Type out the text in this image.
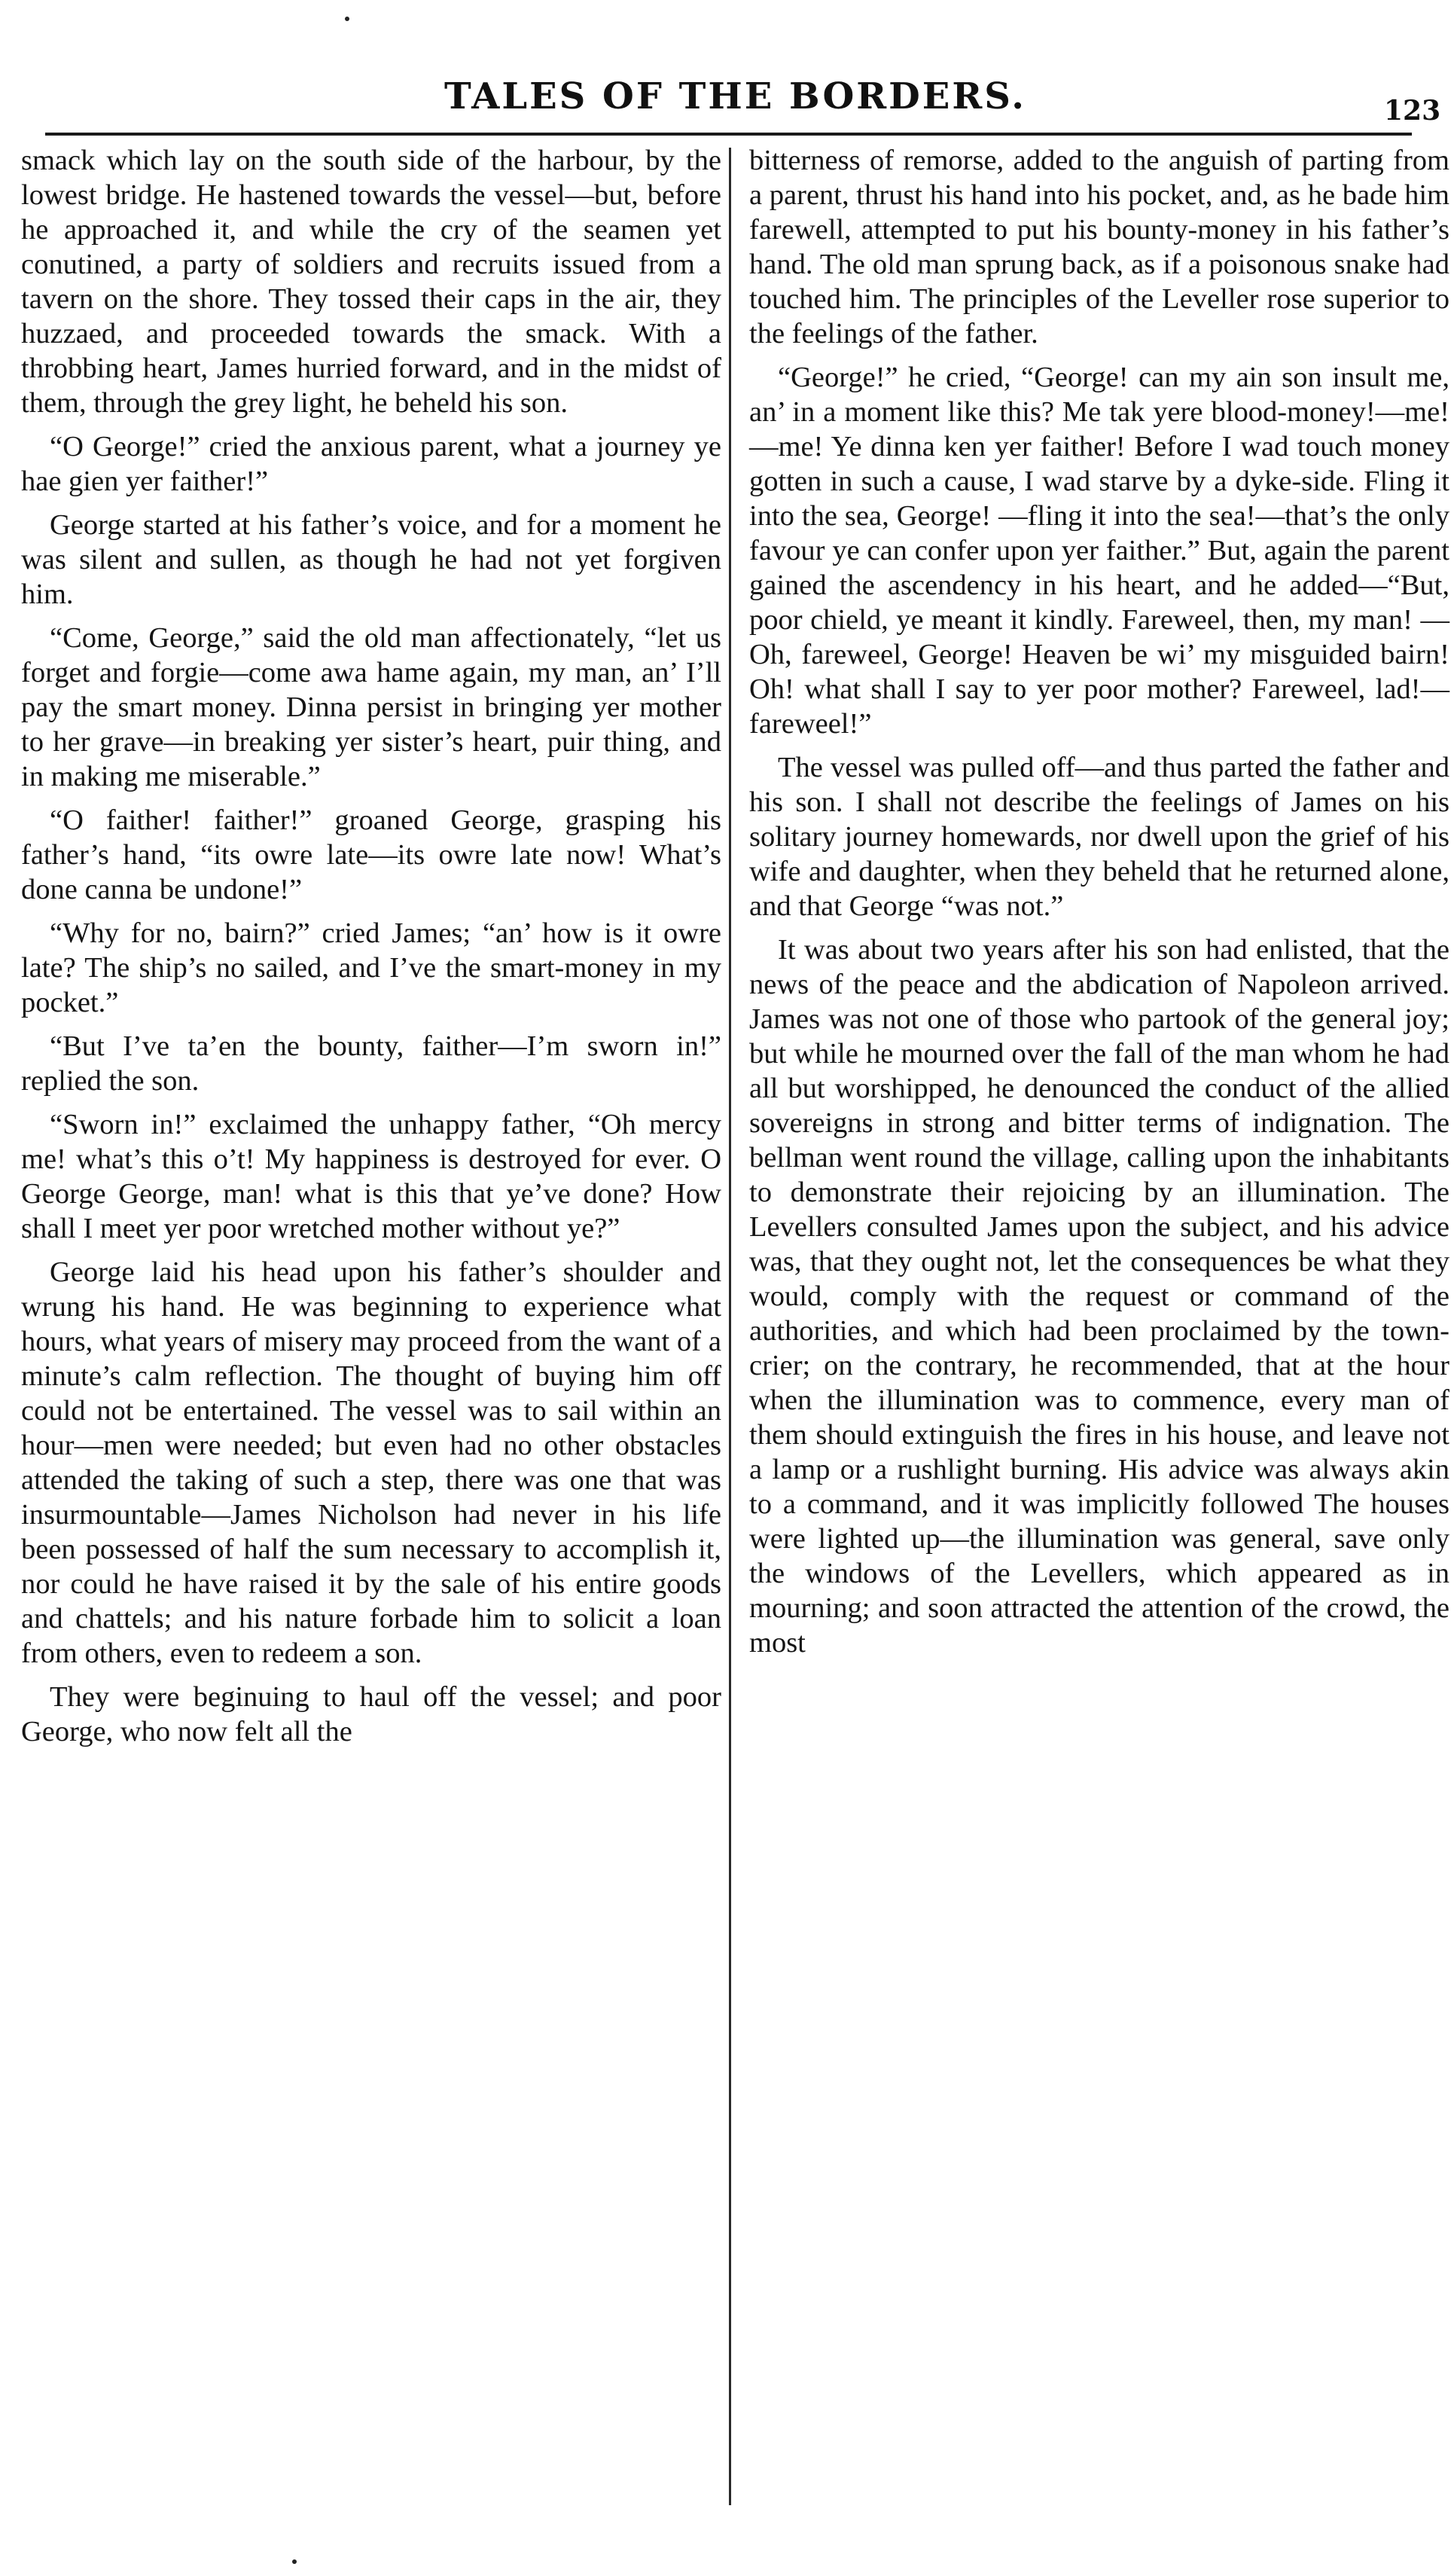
TALES OF THE BORDERS.	123

smack which lay on the south side of the harbour, by the lowest bridge. He hastened towards the vessel—but, before he approached it, and while the cry of the seamen yet conutined, a party of soldiers and recruits issued from a tavern on the shore. They tossed their caps in the air, they huzzaed, and proceeded towards the smack. With a throbbing heart, James hurried forward, and in the midst of them, through the grey light, he beheld his son.

“O George!” cried the anxious parent, what a journey ye hae gien yer faither!”

George started at his father’s voice, and for a moment he was silent and sullen, as though he had not yet forgiven him.

“Come, George,” said the old man affectionately, “let us forget and forgie—come awa hame again, my man, an’ I’ll pay the smart money. Dinna persist in bringing yer mother to her grave—in breaking yer sister’s heart, puir thing, and in making me miserable.”

“O faither! faither!” groaned George, grasping his father’s hand, “its owre late—its owre late now! What’s done canna be undone!”

“Why for no, bairn?” cried James; “an’ how is it owre late? The ship’s no sailed, and I’ve the smart-money in my pocket.”

“But I’ve ta’en the bounty, faither—I’m sworn in!” replied the son.

“Sworn in!” exclaimed the unhappy father, “Oh mercy me! what’s this o’t! My happiness is destroyed for ever. O George George, man! what is this that ye’ve done? How shall I meet yer poor wretched mother without ye?”

George laid his head upon his father’s shoulder and wrung his hand. He was beginning to experience what hours, what years of misery may proceed from the want of a minute’s calm reflection. The thought of buying him off could not be entertained. The vessel was to sail within an hour—men were needed; but even had no other obstacles attended the taking of such a step, there was one that was insurmountable—James Nicholson had never in his life been possessed of half the sum necessary to accomplish it, nor could he have raised it by the sale of his entire goods and chattels; and his nature forbade him to solicit a loan from others, even to redeem a son.

They were beginuing to haul off the vessel; and poor George, who now felt all the

bitterness of remorse, added to the anguish of parting from a parent, thrust his hand into his pocket, and, as he bade him farewell, attempted to put his bounty-money in his father’s hand. The old man sprung back, as if a poisonous snake had touched him. The principles of the Leveller rose superior to the feelings of the father.

“George!” he cried, “George! can my ain son insult me, an’ in a moment like this? Me tak yere blood-money!—me!—me! Ye dinna ken yer faither! Before I wad touch money gotten in such a cause, I wad starve by a dyke-side. Fling it into the sea, George! —fling it into the sea!—that’s the only favour ye can confer upon yer faither.” But, again the parent gained the ascendency in his heart, and he added—“But, poor chield, ye meant it kindly. Fareweel, then, my man! —Oh, fareweel, George! Heaven be wi’ my misguided bairn! Oh! what shall I say to yer poor mother? Fareweel, lad!—fareweel!”

The vessel was pulled off—and thus parted the father and his son. I shall not describe the feelings of James on his solitary journey homewards, nor dwell upon the grief of his wife and daughter, when they beheld that he returned alone, and that George “was not.”

It was about two years after his son had enlisted, that the news of the peace and the abdication of Napoleon arrived. James was not one of those who partook of the general joy; but while he mourned over the fall of the man whom he had all but worshipped, he denounced the conduct of the allied sovereigns in strong and bitter terms of indignation. The bellman went round the village, calling upon the inhabitants to demonstrate their rejoicing by an illumination. The Levellers consulted James upon the subject, and his advice was, that they ought not, let the consequences be what they would, comply with the request or command of the authorities, and which had been proclaimed by the town-crier; on the contrary, he recommended, that at the hour when the illumination was to commence, every man of them should extinguish the fires in his house, and leave not a lamp or a rushlight burning. His advice was always akin to a command, and it was implicitly followed The houses were lighted up—the illumination was general, save only the windows of the Levellers, which appeared as in mourning; and soon attracted the attention of the crowd, the most
